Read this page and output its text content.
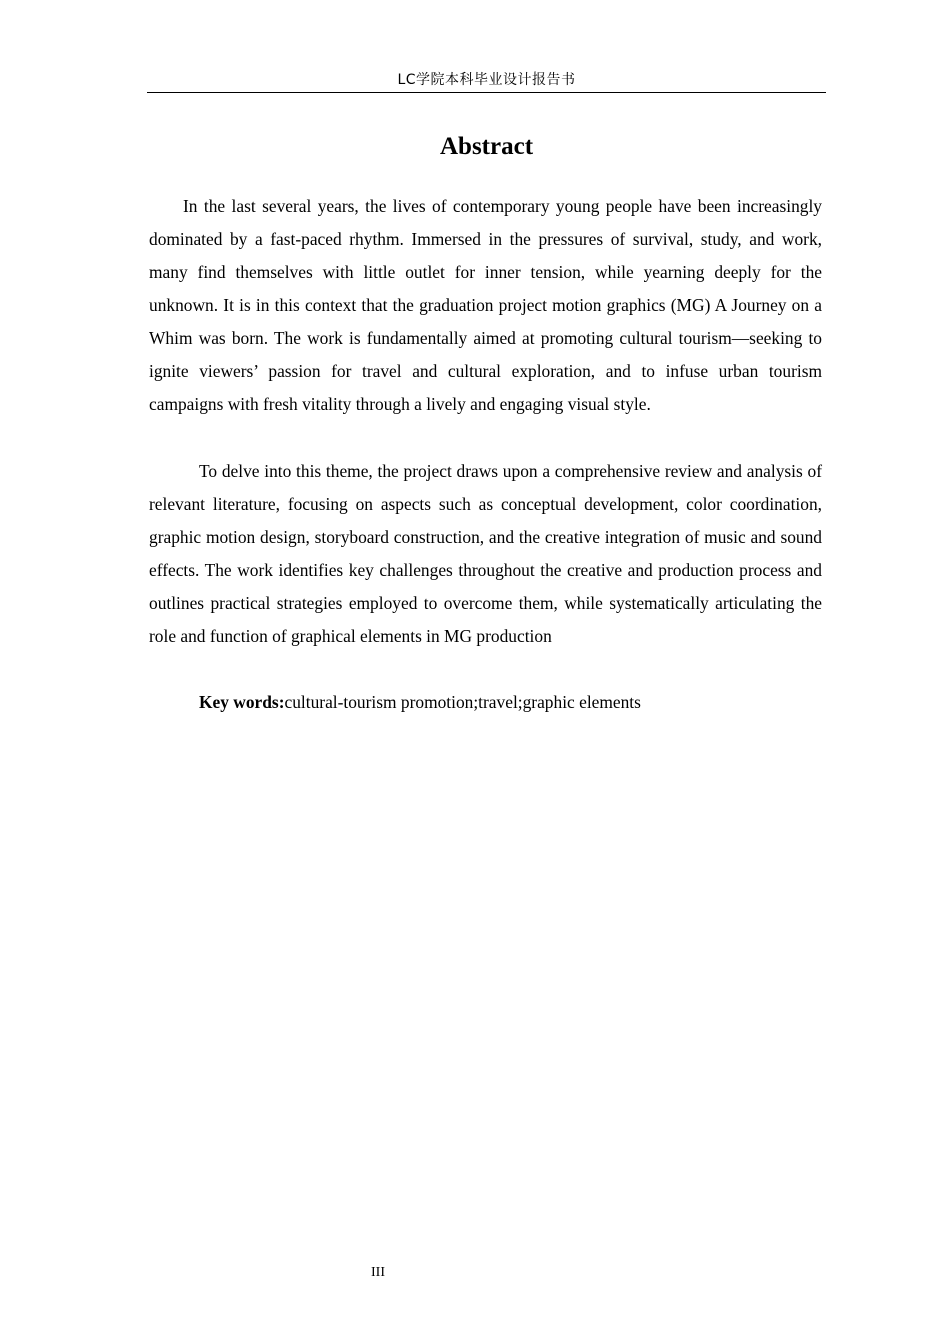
LC学院本科毕业设计报告书
Abstract

In the last several years, the lives of contemporary young people have been increasingly dominated by a fast-paced rhythm. Immersed in the pressures of survival, study, and work, many find themselves with little outlet for inner tension, while yearning deeply for the unknown. It is in this context that the graduation project motion graphics (MG) A Journey on a Whim was born. The work is fundamentally aimed at promoting cultural tourism—seeking to ignite viewers’ passion for travel and cultural exploration, and to infuse urban tourism campaigns with fresh vitality through a lively and engaging visual style.

To delve into this theme, the project draws upon a comprehensive review and analysis of relevant literature, focusing on aspects such as conceptual development, color coordination, graphic motion design, storyboard construction, and the creative integration of music and sound effects. The work identifies key challenges throughout the creative and production process and outlines practical strategies employed to overcome them, while systematically articulating the role and function of graphical elements in MG production

Key words:cultural-tourism promotion;travel;graphic elements
III
